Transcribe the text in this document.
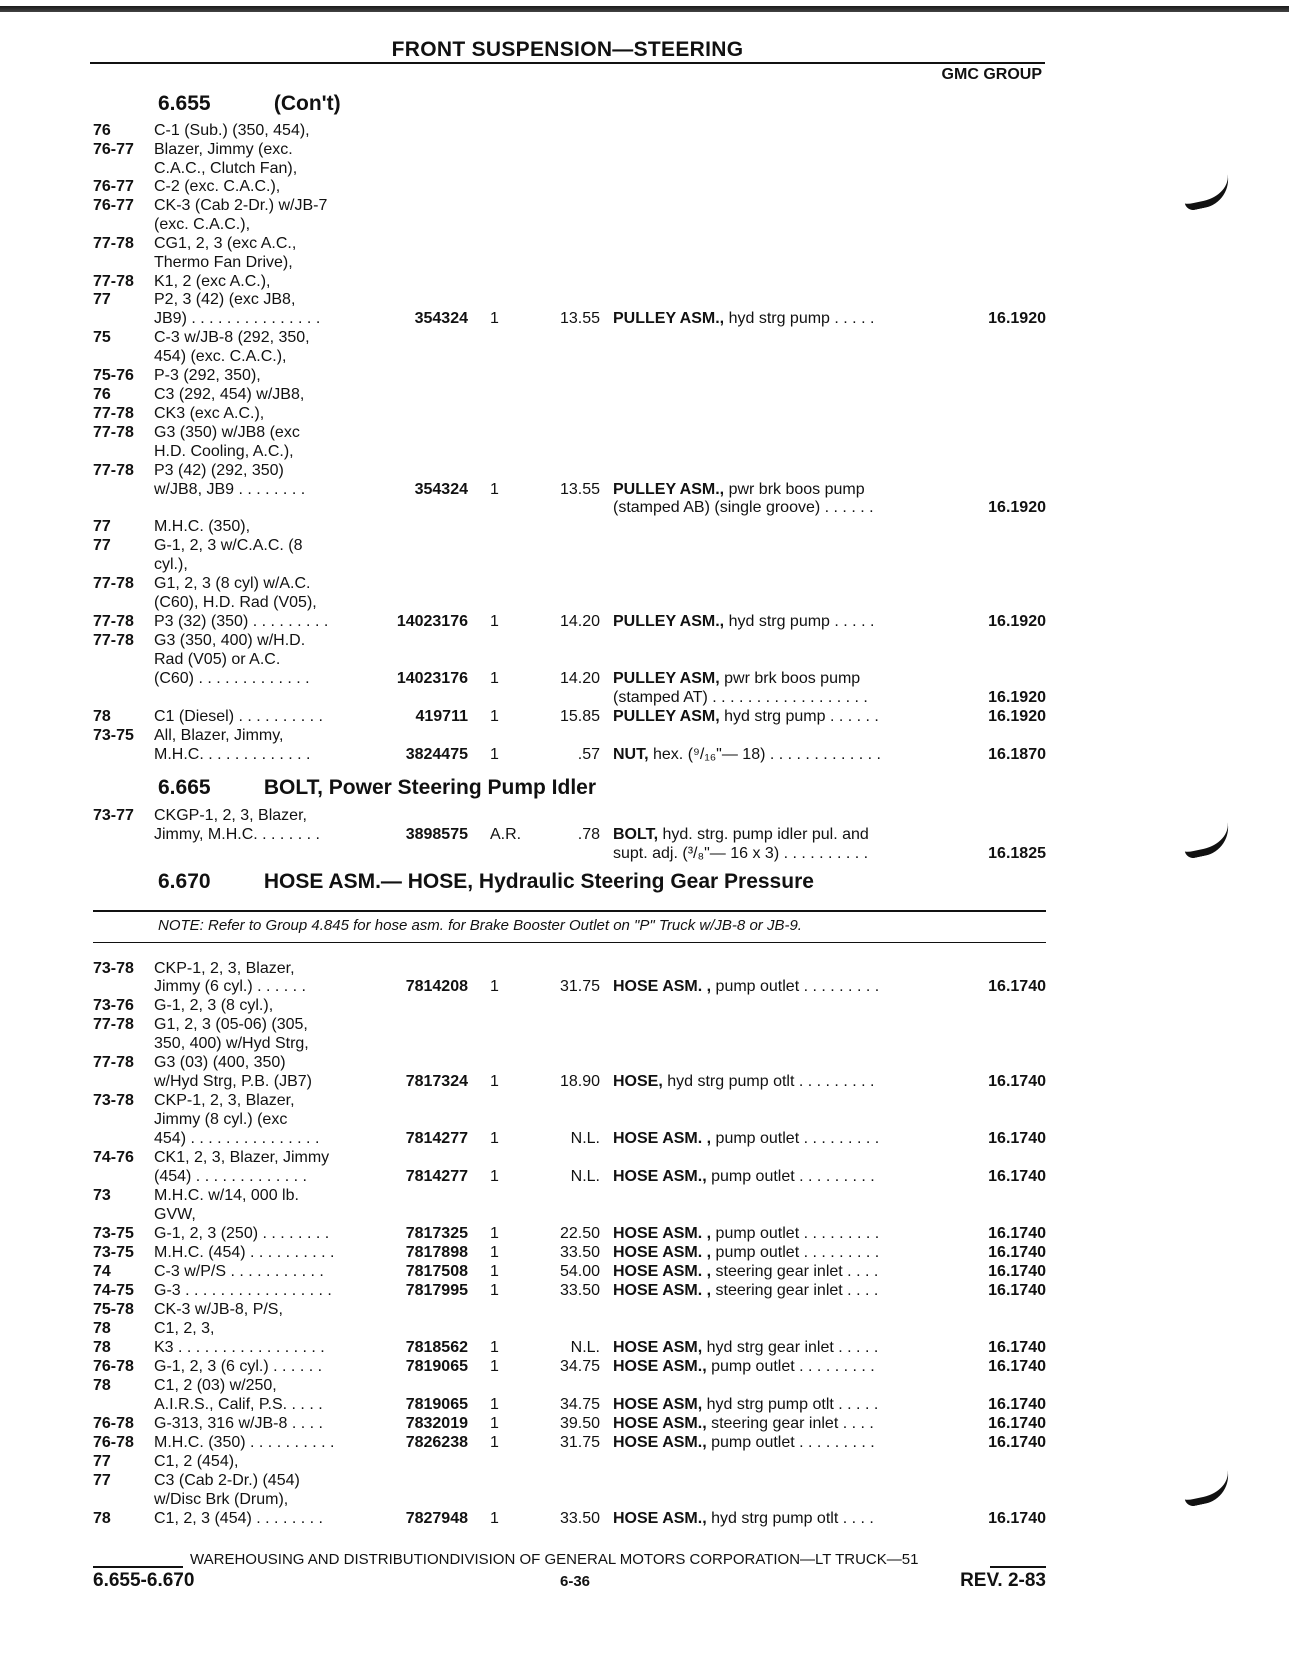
FRONT SUSPENSION—STEERING
GMC GROUP
6.655	(Con't)
6.665	BOLT, Power Steering Pump Idler
6.670	HOSE ASM.— HOSE, Hydraulic Steering Gear Pressure
NOTE: Refer to Group 4.845 for hose asm. for Brake Booster Outlet on "P" Truck w/JB-8 or JB-9.
76	C-1 (Sub.) (350, 454),
76-77 Blazer, Jimmy (exc.
C.A.C., Clutch Fan),
76-77 C-2 (exc. C.A.C.),
76-77 CK-3 (Cab 2-Dr.) w/JB-7
(exc. C.A.C.),
77-78 CG1, 2, 3 (exc A.C.,
Thermo Fan Drive),
77-78 K1, 2 (exc A.C.),
77	P2, 3 (42) (exc JB8,
JB9) . . . . . . . . . . . . . . .	354324 1	13.55 PULLEY ASM., hyd strg pump . . . . .	16.1920
75	C-3 w/JB-8 (292, 350,
454) (exc. C.A.C.),
75-76 P-3 (292, 350),
76	C3 (292, 454) w/JB8,
77-78 CK3 (exc A.C.),
77-78 G3 (350) w/JB8 (exc
H.D. Cooling, A.C.),
77-78 P3 (42) (292, 350)
w/JB8, JB9 . . . . . . . .	354324 1	13.55 PULLEY ASM., pwr brk boos pump
(stamped AB) (single groove) . . . . . .	16.1920
77	M.H.C. (350),
77	G-1, 2, 3 w/C.A.C. (8
cyl.),
77-78 G1, 2, 3 (8 cyl) w/A.C.
(C60), H.D. Rad (V05),
77-78 P3 (32) (350) . . . . . . . . .	14023176 1	14.20 PULLEY ASM., hyd strg pump . . . . .	16.1920
77-78 G3 (350, 400) w/H.D.
Rad (V05) or A.C.
(C60) . . . . . . . . . . . . .	14023176 1	14.20 PULLEY ASM, pwr brk boos pump
(stamped AT) . . . . . . . . . . . . . . . . . .	16.1920
78	C1 (Diesel) . . . . . . . . . .	419711 1	15.85 PULLEY ASM, hyd strg pump . . . . . .	16.1920
73-75 All, Blazer, Jimmy,
M.H.C. . . . . . . . . . . . .	3824475 1	.57 NUT, hex. (⁹/₁₆"— 18) . . . . . . . . . . . . .	16.1870
73-77 CKGP-1, 2, 3, Blazer,
Jimmy, M.H.C. . . . . . . .	3898575 A.R.	.78 BOLT, hyd. strg. pump idler pul. and
supt. adj. (³/₈"— 16 x 3) . . . . . . . . . .	16.1825
73-78 CKP-1, 2, 3, Blazer,
Jimmy (6 cyl.) . . . . . .	7814208 1	31.75 HOSE ASM. , pump outlet . . . . . . . . .	16.1740
73-76 G-1, 2, 3 (8 cyl.),
77-78 G1, 2, 3 (05-06) (305,
350, 400) w/Hyd Strg,
77-78 G3 (03) (400, 350)
w/Hyd Strg, P.B. (JB7)	7817324 1	18.90 HOSE, hyd strg pump otlt . . . . . . . . .	16.1740
73-78 CKP-1, 2, 3, Blazer,
Jimmy (8 cyl.) (exc
454) . . . . . . . . . . . . . . .	7814277 1	N.L. HOSE ASM. , pump outlet . . . . . . . . .	16.1740
74-76 CK1, 2, 3, Blazer, Jimmy
(454) . . . . . . . . . . . . .	7814277 1	N.L. HOSE ASM., pump outlet . . . . . . . . .	16.1740
73	M.H.C. w/14, 000 lb.
GVW,
73-75 G-1, 2, 3 (250) . . . . . . . .	7817325 1	22.50 HOSE ASM. , pump outlet . . . . . . . . .	16.1740
73-75 M.H.C. (454) . . . . . . . . . .	7817898 1	33.50 HOSE ASM. , pump outlet . . . . . . . . .	16.1740
74	C-3 w/P/S . . . . . . . . . . .	7817508 1	54.00 HOSE ASM. , steering gear inlet . . . .	16.1740
74-75 G-3 . . . . . . . . . . . . . . . . .	7817995 1	33.50 HOSE ASM. , steering gear inlet . . . .	16.1740
75-78 CK-3 w/JB-8, P/S,
78	C1, 2, 3,
78	K3 . . . . . . . . . . . . . . . . .	7818562 1	N.L. HOSE ASM, hyd strg gear inlet . . . . .	16.1740
76-78 G-1, 2, 3 (6 cyl.) . . . . . .	7819065 1	34.75 HOSE ASM., pump outlet . . . . . . . . .	16.1740
78	C1, 2 (03) w/250,
A.I.R.S., Calif, P.S. . . . .	7819065 1	34.75 HOSE ASM, hyd strg pump otlt . . . . .	16.1740
76-78 G-313, 316 w/JB-8 . . . .	7832019 1	39.50 HOSE ASM., steering gear inlet . . . .	16.1740
76-78 M.H.C. (350) . . . . . . . . . .	7826238 1	31.75 HOSE ASM., pump outlet . . . . . . . . .	16.1740
77	C1, 2 (454),
77	C3 (Cab 2-Dr.) (454)
w/Disc Brk (Drum),
78	C1, 2, 3 (454) . . . . . . . .	7827948 1	33.50 HOSE ASM., hyd strg pump otlt . . . .	16.1740
WAREHOUSING AND DISTRIBUTIONDIVISION OF GENERAL MOTORS CORPORATION—LT TRUCK—51
6.655-6.670	6-36	REV. 2-83
